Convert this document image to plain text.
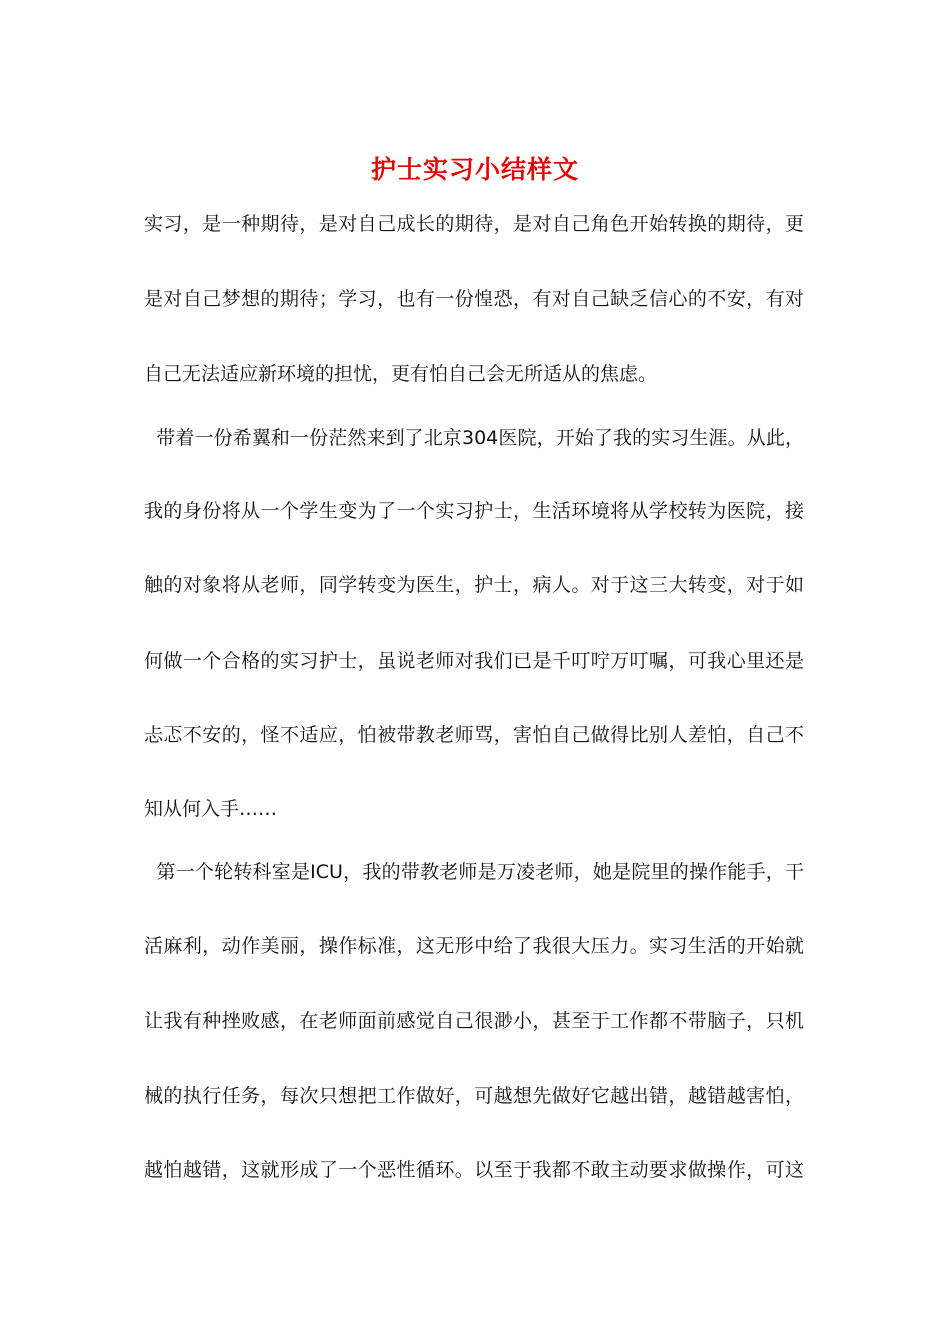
护士实习小结样文
实习，是一种期待，是对自己成长的期待，是对自己角色开始转换的期待，更
是对自己梦想的期待；学习，也有一份惶恐，有对自己缺乏信心的不安，有对
自己无法适应新环境的担忧，更有怕自己会无所适从的焦虑。
带着一份希翼和一份茫然来到了北京304医院，开始了我的实习生涯。从此，
我的身份将从一个学生变为了一个实习护士，生活环境将从学校转为医院，接
触的对象将从老师，同学转变为医生，护士，病人。对于这三大转变，对于如
何做一个合格的实习护士，虽说老师对我们已是千叮咛万叮嘱，可我心里还是
忐忑不安的，怪不适应，怕被带教老师骂，害怕自己做得比别人差怕，自己不
知从何入手……
第一个轮转科室是ICU，我的带教老师是万凌老师，她是院里的操作能手，干
活麻利，动作美丽，操作标准，这无形中给了我很大压力。实习生活的开始就
让我有种挫败感，在老师面前感觉自己很渺小，甚至于工作都不带脑子，只机
械的执行任务，每次只想把工作做好，可越想先做好它越出错，越错越害怕，
越怕越错，这就形成了一个恶性循环。以至于我都不敢主动要求做操作，可这
